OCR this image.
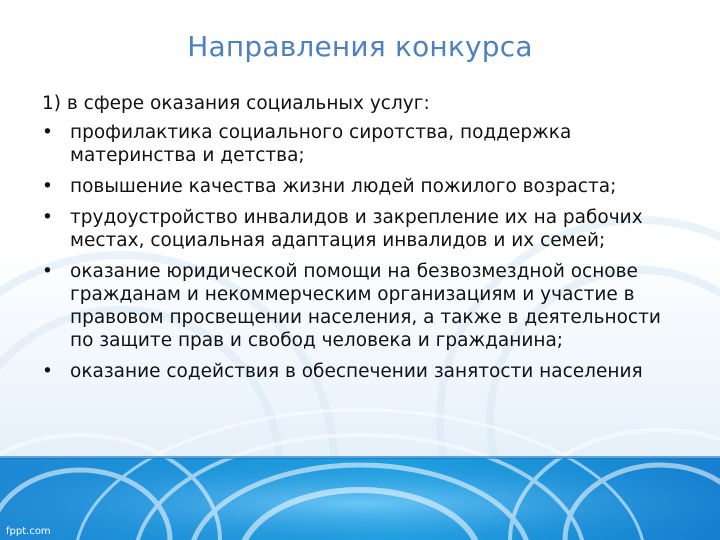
Направления конкурса
1) в сфере оказания социальных услуг:
• профилактика социального сиротства, поддержка материнства и детства;
• повышение качества жизни людей пожилого возраста;
• трудоустройство инвалидов и закрепление их на рабочих местах, социальная адаптация инвалидов и их семей;
• оказание юридической помощи на безвозмездной основе гражданам и некоммерческим организациям и участие в правовом просвещении населения, а также в деятельности по защите прав и свобод человека и гражданина;
• оказание содействия в обеспечении занятости населения
fppt.com
